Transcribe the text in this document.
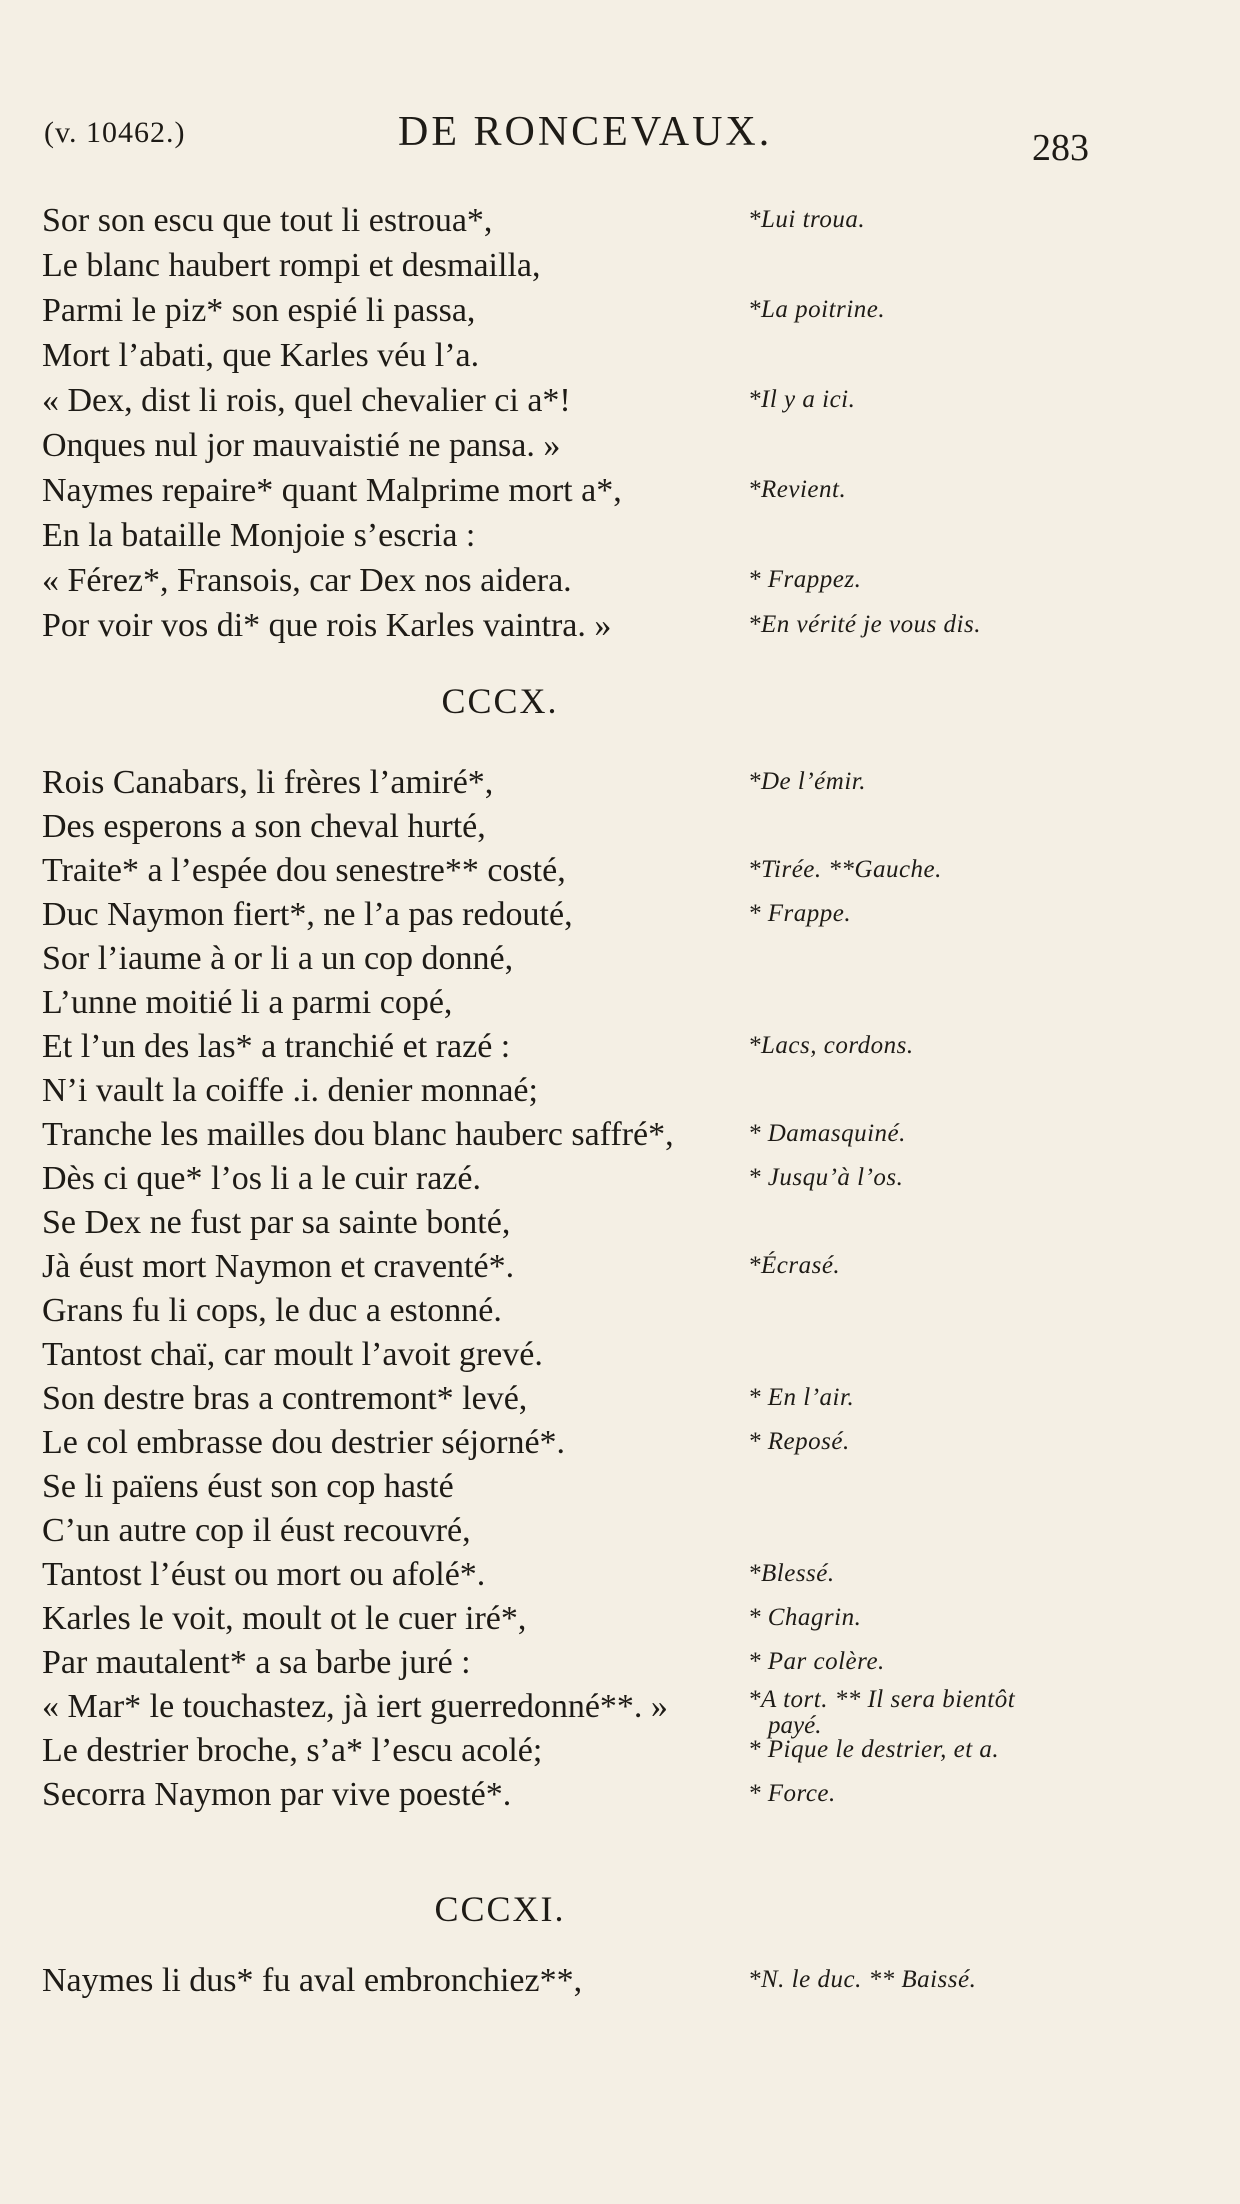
(v. 10462.)	DE RONCEVAUX.	283
Sor son escu que tout li estroua*,	*Lui troua.
Le blanc haubert rompi et desmailla,
Parmi le piz* son espié li passa,	*La poitrine.
Mort l’abati, que Karles véu l’a.
« Dex, dist li rois, quel chevalier ci a*!	*Il y a ici.
Onques nul jor mauvaistié ne pansa. »
Naymes repaire* quant Malprime mort a*,	*Revient.
En la bataille Monjoie s’escria :
« Férez*, Fransois, car Dex nos aidera.	* Frappez.
Por voir vos di* que rois Karles vaintra. »	*En vérité je vous dis.
CCCX.
Rois Canabars, li frères l’amiré*,	*De l’émir.
Des esperons a son cheval hurté,
Traite* a l’espée dou senestre** costé,	*Tirée. **Gauche.
Duc Naymon fiert*, ne l’a pas redouté,	* Frappe.
Sor l’iaume à or li a un cop donné,
L’unne moitié li a parmi copé,
Et l’un des las* a tranchié et razé :	*Lacs, cordons.
N’i vault la coiffe .i. denier monnaé;
Tranche les mailles dou blanc hauberc saffré*,	* Damasquiné.
Dès ci que* l’os li a le cuir razé.	* Jusqu’à l’os.
Se Dex ne fust par sa sainte bonté,
Jà éust mort Naymon et craventé*.	*Écrasé.
Grans fu li cops, le duc a estonné.
Tantost chaï, car moult l’avoit grevé.
Son destre bras a contremont* levé,	* En l’air.
Le col embrasse dou destrier séjorné*.	* Reposé.
Se li païens éust son cop hasté
C’un autre cop il éust recouvré,
Tantost l’éust ou mort ou afolé*.	*Blessé.
Karles le voit, moult ot le cuer iré*,	* Chagrin.
Par mautalent* a sa barbe juré :	* Par colère.
« Mar* le touchastez, jà iert guerredonné**. »	*A tort. ** Il sera bientôt
payé.
Le destrier broche, s’a* l’escu acolé;	* Pique le destrier, et a.
Secorra Naymon par vive poesté*.	* Force.
CCCXI.
Naymes li dus* fu aval embronchiez**,	*N. le duc. ** Baissé.
